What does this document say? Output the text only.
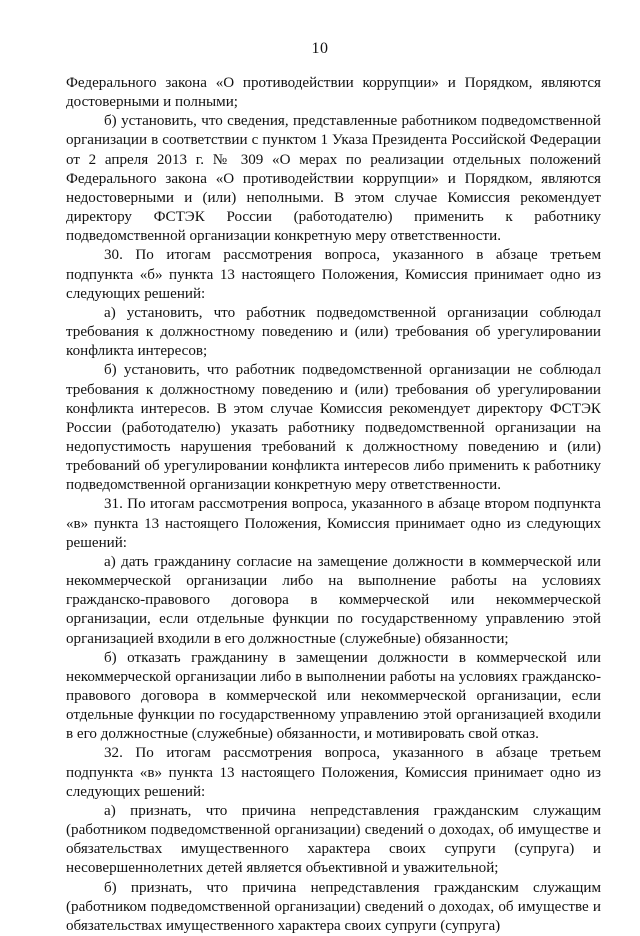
10

Федерального закона «О противодействии коррупции» и Порядком, являются достоверными и полными;

б) установить, что сведения, представленные работником подведомственной организации в соответствии с пунктом 1 Указа Президента Российской Федерации от 2 апреля 2013 г. № 309 «О мерах по реализации отдельных положений Федерального закона «О противодействии коррупции» и Порядком, являются недостоверными и (или) неполными. В этом случае Комиссия рекомендует директору ФСТЭК России (работодателю) применить к работнику подведомственной организации конкретную меру ответственности.

30. По итогам рассмотрения вопроса, указанного в абзаце третьем подпункта «б» пункта 13 настоящего Положения, Комиссия принимает одно из следующих решений:

а) установить, что работник подведомственной организации соблюдал требования к должностному поведению и (или) требования об урегулировании конфликта интересов;

б) установить, что работник подведомственной организации не соблюдал требования к должностному поведению и (или) требования об урегулировании конфликта интересов. В этом случае Комиссия рекомендует директору ФСТЭК России (работодателю) указать работнику подведомственной организации на недопустимость нарушения требований к должностному поведению и (или) требований об урегулировании конфликта интересов либо применить к работнику подведомственной организации конкретную меру ответственности.

31. По итогам рассмотрения вопроса, указанного в абзаце втором подпункта «в» пункта 13 настоящего Положения, Комиссия принимает одно из следующих решений:

а) дать гражданину согласие на замещение должности в коммерческой или некоммерческой организации либо на выполнение работы на условиях гражданско-правового договора в коммерческой или некоммерческой организации, если отдельные функции по государственному управлению этой организацией входили в его должностные (служебные) обязанности;

б) отказать гражданину в замещении должности в коммерческой или некоммерческой организации либо в выполнении работы на условиях гражданско-правового договора в коммерческой или некоммерческой организации, если отдельные функции по государственному управлению этой организацией входили в его должностные (служебные) обязанности, и мотивировать свой отказ.

32. По итогам рассмотрения вопроса, указанного в абзаце третьем подпункта «в» пункта 13 настоящего Положения, Комиссия принимает одно из следующих решений:

а) признать, что причина непредставления гражданским служащим (работником подведомственной организации) сведений о доходах, об имуществе и обязательствах имущественного характера своих супруги (супруга) и несовершеннолетних детей является объективной и уважительной;

б) признать, что причина непредставления гражданским служащим (работником подведомственной организации) сведений о доходах, об имуществе и обязательствах имущественного характера своих супруги (супруга)
